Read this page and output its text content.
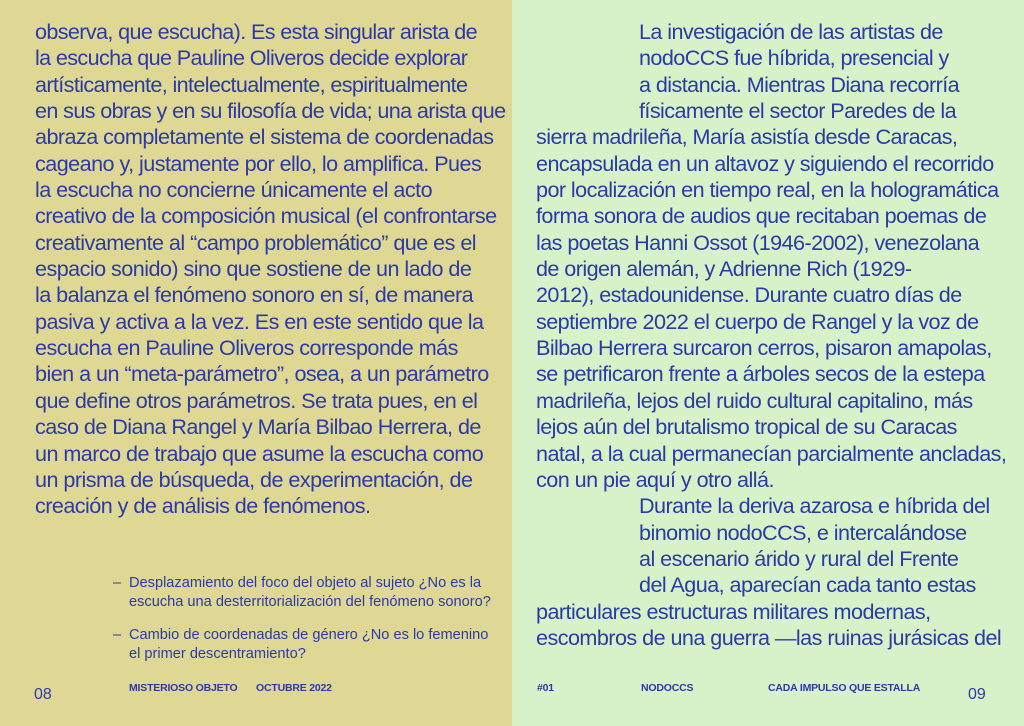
observa, que escucha). Es esta singular arista de
la escucha que Pauline Oliveros decide explorar
artísticamente, intelectualmente, espiritualmente
en sus obras y en su filosofía de vida; una arista que
abraza completamente el sistema de coordenadas
cageano y, justamente por ello, lo amplifica. Pues
la escucha no concierne únicamente el acto
creativo de la composición musical (el confrontarse
creativamente al “campo problemático” que es el
espacio sonido) sino que sostiene de un lado de
la balanza el fenómeno sonoro en sí, de manera
pasiva y activa a la vez. Es en este sentido que la
escucha en Pauline Oliveros corresponde más
bien a un “meta-parámetro”, osea, a un parámetro
que define otros parámetros. Se trata pues, en el
caso de Diana Rangel y María Bilbao Herrera, de
un marco de trabajo que asume la escucha como
un prisma de búsqueda, de experimentación, de
creación y de análisis de fenómenos.
– Desplazamiento del foco del objeto al sujeto ¿No es la escucha una desterritorialización del fenómeno sonoro?
– Cambio de coordenadas de género ¿No es lo femenino el primer descentramiento?
08	MISTERIOSO OBJETO OCTUBRE 2022
La investigación de las artistas de
nodoCCS fue híbrida, presencial y
a distancia. Mientras Diana recorría
físicamente el sector Paredes de la
sierra madrileña, María asistía desde Caracas,
encapsulada en un altavoz y siguiendo el recorrido
por localización en tiempo real, en la hologramática
forma sonora de audios que recitaban poemas de
las poetas Hanni Ossot (1946-2002), venezolana
de origen alemán, y Adrienne Rich (1929-
2012), estadounidense. Durante cuatro días de
septiembre 2022 el cuerpo de Rangel y la voz de
Bilbao Herrera surcaron cerros, pisaron amapolas,
se petrificaron frente a árboles secos de la estepa
madrileña, lejos del ruido cultural capitalino, más
lejos aún del brutalismo tropical de su Caracas
natal, a la cual permanecían parcialmente ancladas,
con un pie aquí y otro allá.
Durante la deriva azarosa e híbrida del
binomio nodoCCS, e intercalándose
al escenario árido y rural del Frente
del Agua, aparecían cada tanto estas
particulares estructuras militares modernas,
escombros de una guerra —las ruinas jurásicas del
#01	NODOCCS	CADA IMPULSO QUE ESTALLA	09
